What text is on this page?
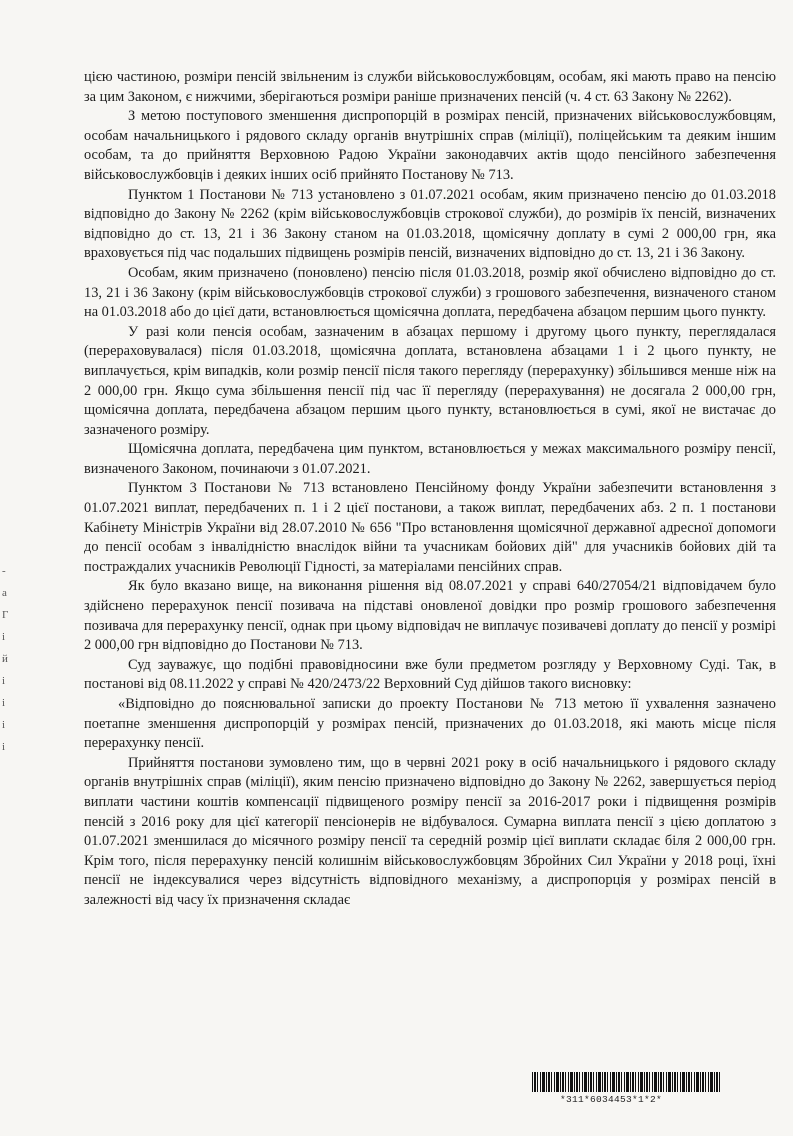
-
а
Г
і
й
і
і
і
і

цією частиною, розміри пенсій звільненим із служби військовослужбовцям, особам, які мають право на пенсію за цим Законом, є нижчими, зберігаються розміри раніше призначених пенсій (ч. 4 ст. 63 Закону № 2262).

З метою поступового зменшення диспропорцій в розмірах пенсій, призначених військовослужбовцям, особам начальницького і рядового складу органів внутрішніх справ (міліції), поліцейським та деяким іншим особам, та до прийняття Верховною Радою України законодавчих актів щодо пенсійного забезпечення військовослужбовців і деяких інших осіб прийнято Постанову № 713.

Пунктом 1 Постанови № 713 установлено з 01.07.2021 особам, яким призначено пенсію до 01.03.2018 відповідно до Закону № 2262 (крім військовослужбовців строкової служби), до розмірів їх пенсій, визначених відповідно до ст. 13, 21 і 36 Закону станом на 01.03.2018, щомісячну доплату в сумі 2 000,00 грн, яка враховується під час подальших підвищень розмірів пенсій, визначених відповідно до ст. 13, 21 і 36 Закону.

Особам, яким призначено (поновлено) пенсію після 01.03.2018, розмір якої обчислено відповідно до ст. 13, 21 і 36 Закону (крім військовослужбовців строкової служби) з грошового забезпечення, визначеного станом на 01.03.2018 або до цієї дати, встановлюється щомісячна доплата, передбачена абзацом першим цього пункту.

У разі коли пенсія особам, зазначеним в абзацах першому і другому цього пункту, переглядалася (перераховувалася) після 01.03.2018, щомісячна доплата, встановлена абзацами 1 і 2 цього пункту, не виплачується, крім випадків, коли розмір пенсії після такого перегляду (перерахунку) збільшився менше ніж на 2 000,00 грн. Якщо сума збільшення пенсії під час її перегляду (перерахування) не досягала 2 000,00 грн, щомісячна доплата, передбачена абзацом першим цього пункту, встановлюється в сумі, якої не вистачає до зазначеного розміру.

Щомісячна доплата, передбачена цим пунктом, встановлюється у межах максимального розміру пенсії, визначеного Законом, починаючи з 01.07.2021.

Пунктом 3 Постанови № 713 встановлено Пенсійному фонду України забезпечити встановлення з 01.07.2021 виплат, передбачених п. 1 і 2 цієї постанови, а також виплат, передбачених абз. 2 п. 1 постанови Кабінету Міністрів України від 28.07.2010 № 656 "Про встановлення щомісячної державної адресної допомоги до пенсії особам з інвалідністю внаслідок війни та учасникам бойових дій" для учасників бойових дій та постраждалих учасників Революції Гідності, за матеріалами пенсійних справ.

Як було вказано вище, на виконання рішення від 08.07.2021 у справі 640/27054/21 відповідачем було здійснено перерахунок пенсії позивача на підставі оновленої довідки про розмір грошового забезпечення позивача для перерахунку пенсії, однак при цьому відповідач не виплачує позивачеві доплату до пенсії у розмірі 2 000,00 грн відповідно до Постанови № 713.

Суд зауважує, що подібні правовідносини вже були предметом розгляду у Верховному Суді. Так, в постанові від 08.11.2022 у справі № 420/2473/22 Верховний Суд дійшов такого висновку:

«Відповідно до пояснювальної записки до проекту Постанови № 713 метою її ухвалення зазначено поетапне зменшення диспропорцій у розмірах пенсій, призначених до 01.03.2018, які мають місце після перерахунку пенсії.

Прийняття постанови зумовлено тим, що в червні 2021 року в осіб начальницького і рядового складу органів внутрішніх справ (міліції), яким пенсію призначено відповідно до Закону № 2262, завершується період виплати частини коштів компенсації підвищеного розміру пенсії за 2016-2017 роки і підвищення розмірів пенсій з 2016 року для цієї категорії пенсіонерів не відбувалося. Сумарна виплата пенсії з цією доплатою з 01.07.2021 зменшилася до місячного розміру пенсії та середній розмір цієї виплати складає біля 2 000,00 грн. Крім того, після перерахунку пенсій колишнім військовослужбовцям Збройних Сил України у 2018 році, їхні пенсії не індексувалися через відсутність відповідного механізму, а диспропорція у розмірах пенсій в залежності від часу їх призначення складає

*311*6034453*1*2*
